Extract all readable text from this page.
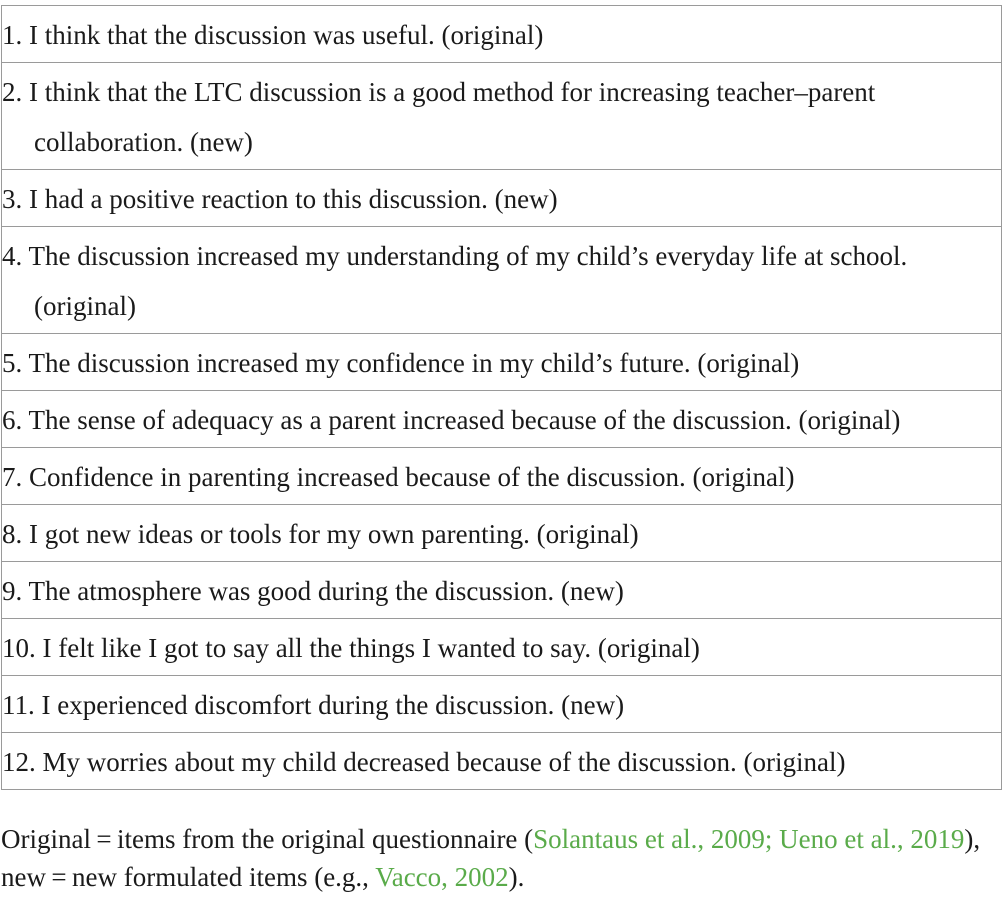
1. I think that the discussion was useful. (original)

2. I think that the LTC discussion is a good method for increasing teacher–parent collaboration. (new)

3. I had a positive reaction to this discussion. (new)

4. The discussion increased my understanding of my child’s everyday life at school. (original)

5. The discussion increased my confidence in my child’s future. (original)

6. The sense of adequacy as a parent increased because of the discussion. (original)

7. Confidence in parenting increased because of the discussion. (original)

8. I got new ideas or tools for my own parenting. (original)

9. The atmosphere was good during the discussion. (new)

10. I felt like I got to say all the things I wanted to say. (original)

11. I experienced discomfort during the discussion. (new)

12. My worries about my child decreased because of the discussion. (original)
Original = items from the original questionnaire (Solantaus et al., 2009; Ueno et al., 2019),
new = new formulated items (e.g., Vacco, 2002).
